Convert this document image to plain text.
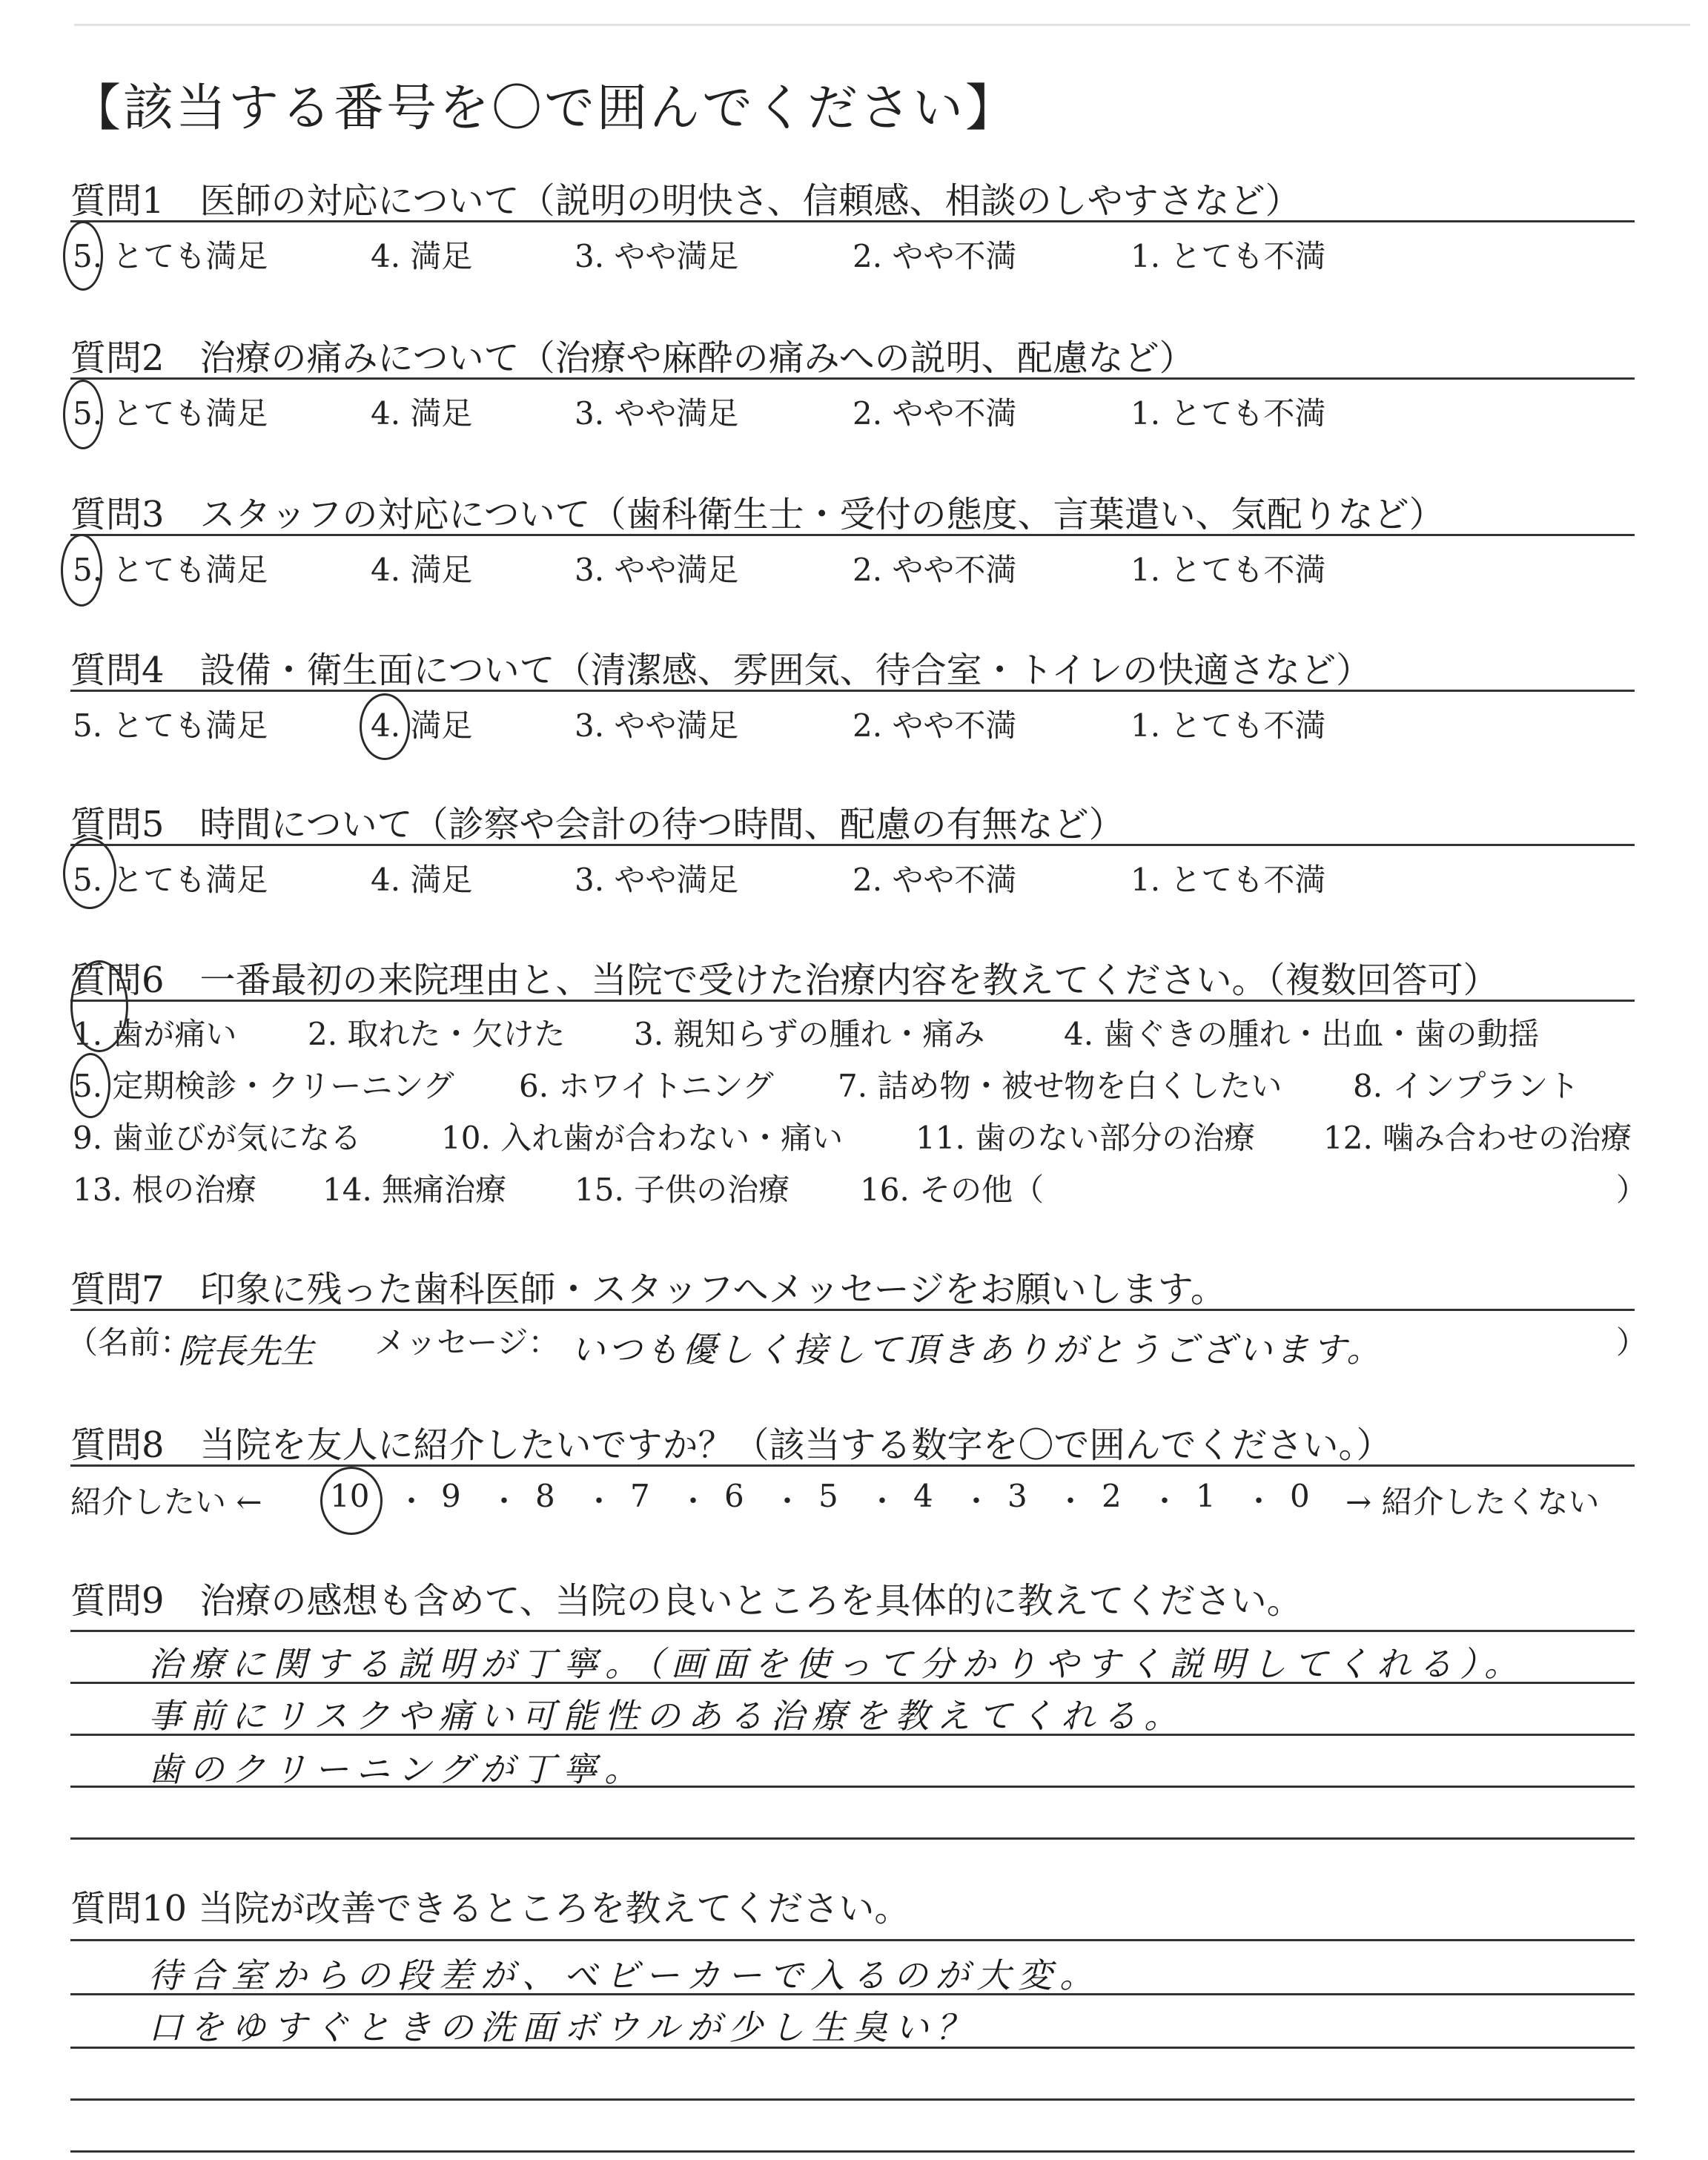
【該当する番号を〇で囲んでください】
質問1　医師の対応について（説明の明快さ、信頼感、相談のしやすさなど）
5. とても満足	4. 満足	3. やや満足	2. やや不満	1. とても不満
質問2　治療の痛みについて（治療や麻酔の痛みへの説明、配慮など）
5. とても満足	4. 満足	3. やや満足	2. やや不満	1. とても不満
質問3　スタッフの対応について（歯科衛生士・受付の態度、言葉遣い、気配りなど）
5. とても満足	4. 満足	3. やや満足	2. やや不満	1. とても不満
質問4　設備・衛生面について（清潔感、雰囲気、待合室・トイレの快適さなど）
5. とても満足	4. 満足	3. やや満足	2. やや不満	1. とても不満
質問5　時間について（診察や会計の待つ時間、配慮の有無など）
5. とても満足	4. 満足	3. やや満足	2. やや不満	1. とても不満
質問6　一番最初の来院理由と、当院で受けた治療内容を教えてください。（複数回答可）
1. 歯が痛い 2. 取れた・欠けた 3. 親知らずの腫れ・痛み	4. 歯ぐきの腫れ・出血・歯の動揺
5. 定期検診・クリーニング 6. ホワイトニング 7. 詰め物・被せ物を白くしたい 8. インプラント
9. 歯並びが気になる	10. 入れ歯が合わない・痛い 11. 歯のない部分の治療 12. 噛み合わせの治療
13. 根の治療 14. 無痛治療 15. 子供の治療 16. その他（	）
質問7　印象に残った歯科医師・スタッフへメッセージをお願いします。
（名前：
院長先生 メッセージ： いつも優しく接して頂きありがとうございます。	）
質問8　当院を友人に紹介したいですか？（該当する数字を〇で囲んでください。）
紹介したい ← 10 ・ 9 ・ 8 ・ 7 ・ 6 ・ 5 ・ 4 ・ 3 ・ 2 ・ 1 ・ 0 → 紹介したくない
質問9　治療の感想も含めて、当院の良いところを具体的に教えてください。
治療に関する説明が丁寧。（画面を使って分かりやすく説明してくれる）。
事前にリスクや痛い可能性のある治療を教えてくれる。
歯のクリーニングが丁寧。
質問10 当院が改善できるところを教えてください。
待合室からの段差が、ベビーカーで入るのが大変。
口をゆすぐときの洗面ボウルが少し生臭い？
